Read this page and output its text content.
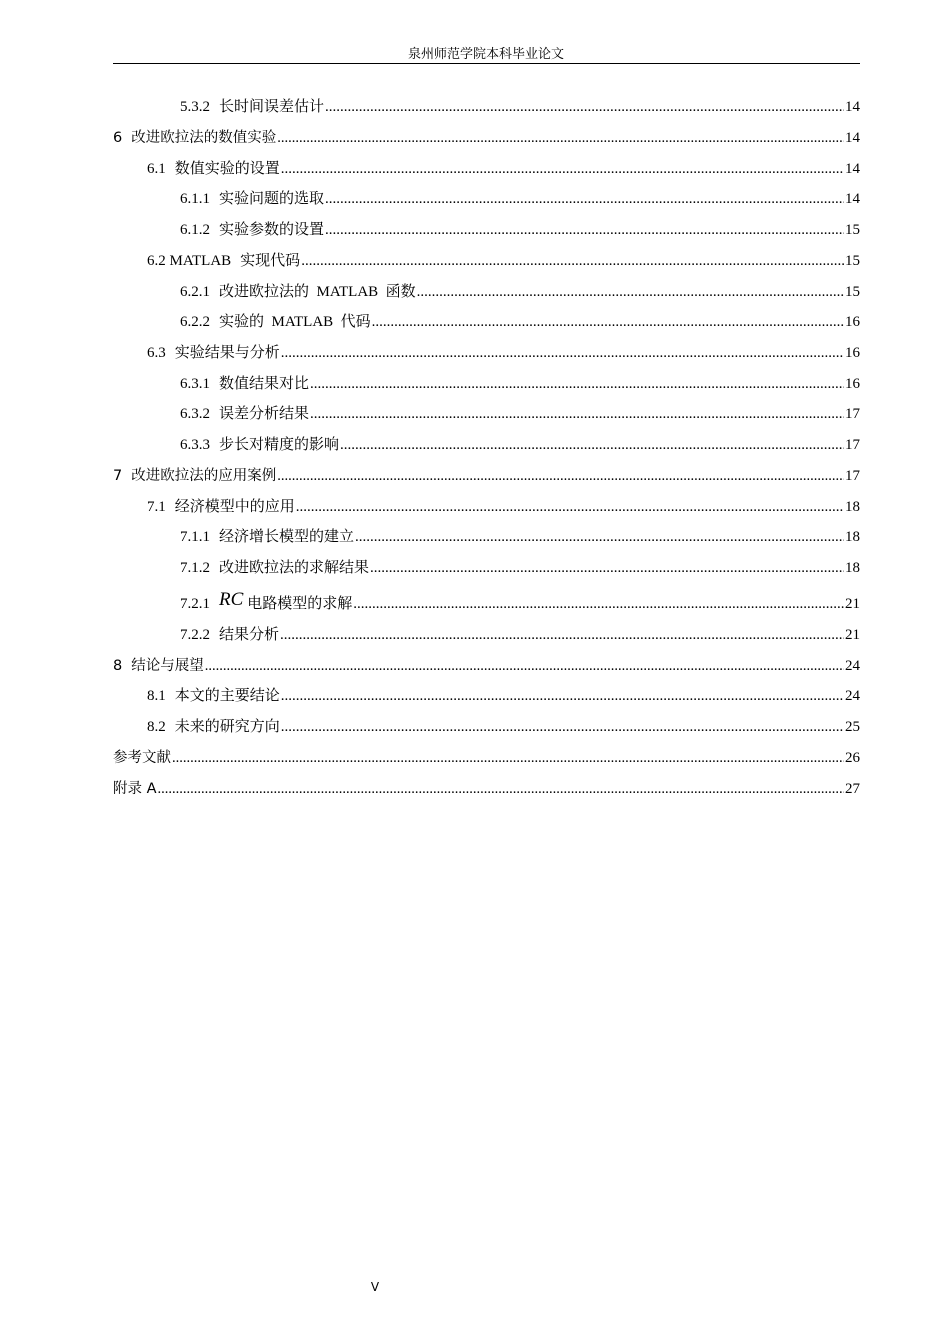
泉州师范学院本科毕业论文
5.3.2 长时间误差估计 .....	14
6 改进欧拉法的数值实验 .....	14
6.1 数值实验的设置 .....	14
6.1.1 实验问题的选取 .....	14
6.1.2 实验参数的设置 .....	15
6.2 MATLAB 实现代码 .....	15
6.2.1 改进欧拉法的  MATLAB  函数 .....	15
6.2.2 实验的  MATLAB  代码 .....	16
6.3 实验结果与分析 .....	16
6.3.1 数值结果对比 .....	16
6.3.2 误差分析结果 .....	17
6.3.3 步长对精度的影响 .....	17
7 改进欧拉法的应用案例 .....	17
7.1 经济模型中的应用 .....	18
7.1.1 经济增长模型的建立 .....	18
7.1.2 改进欧拉法的求解结果 .....	18
7.2.1 RC 电路模型的求解 .....	21
7.2.2 结果分析 .....	21
8 结论与展望 .....	24
8.1 本文的主要结论 .....	24
8.2 未来的研究方向 .....	25
参考文献 .....	26
附录 A .....	27
V
